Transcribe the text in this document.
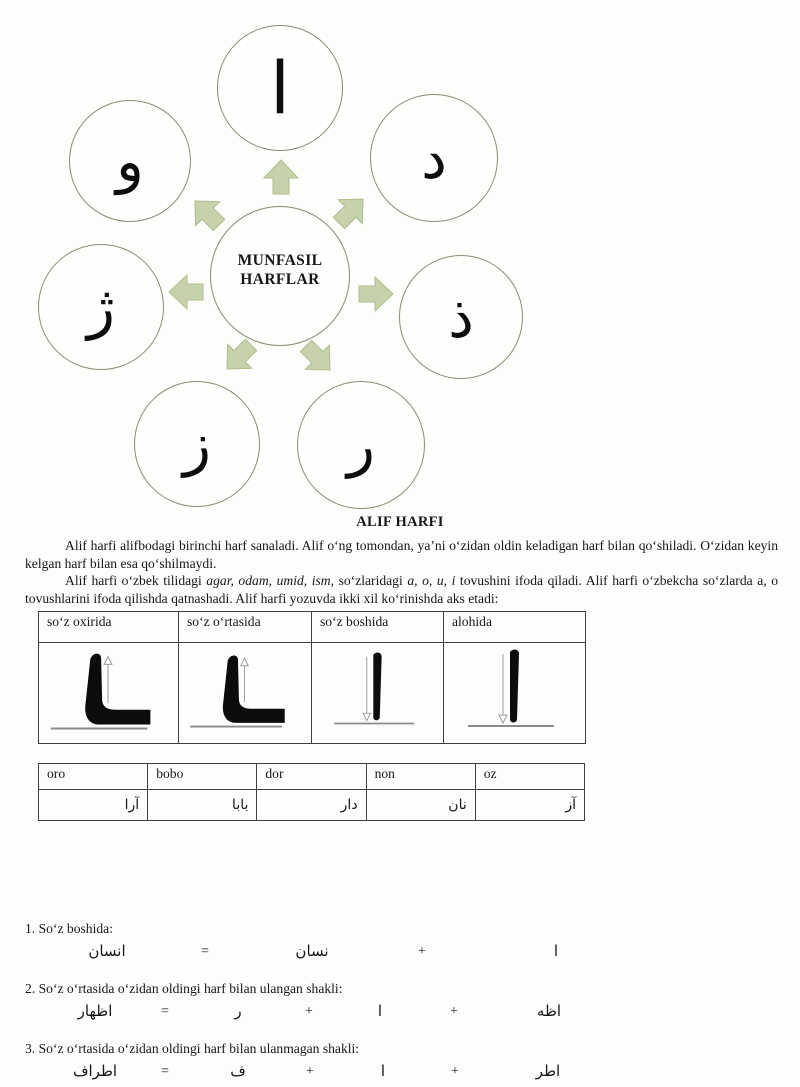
ا
و	د
ژ	ذ
ز ر
MUNFASIL
HARFLAR
ALIF HARFI

Alif harfi alifbodagi birinchi harf sanaladi. Alif oʻng tomondan, ya’ni oʻzidan oldin keladigan harf bilan qoʻshiladi. Oʻzidan keyin kelgan harf bilan esa qoʻshilmaydi.

Alif harfi oʻzbek tilidagi agar, odam, umid, ism, soʻzlaridagi a, o, u, i tovushini ifoda qiladi. Alif harfi oʻzbekcha soʻzlarda a, o tovushlarini ifoda qilishda qatnashadi. Alif harfi yozuvda ikki xil koʻrinishda aks etadi:

soʻz oxirida	soʻz oʻrtasida	soʻz boshida	alohida

oro	bobo	dor	non	oz
آرا	بابا	دار	نان	آز

1. Soʻz boshida:

انسان	=	نسان	+	ا

2. Soʻz oʻrtasida oʻzidan oldingi harf bilan ulangan shakli:

اظهار	=	ر	+	ا	+	اظه

3. Soʻz oʻrtasida oʻzidan oldingi harf bilan ulanmagan shakli:

اطراف	=	ف	+	ا	+	اطر
